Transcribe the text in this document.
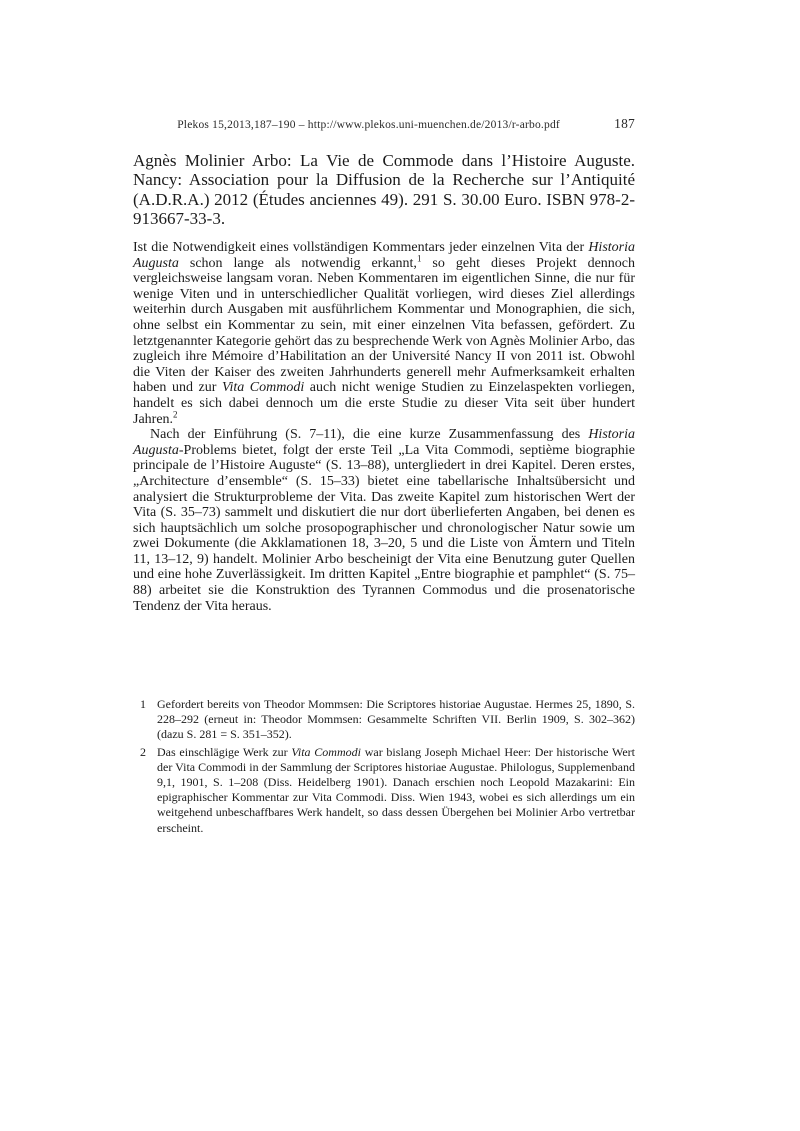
Plekos 15,2013,187–190 – http://www.plekos.uni-muenchen.de/2013/r-arbo.pdf	187
Agnès Molinier Arbo: La Vie de Commode dans l’Histoire Auguste. Nancy: Association pour la Diffusion de la Recherche sur l’Antiquité (A.D.R.A.) 2012 (Études anciennes 49). 291 S. 30.00 Euro. ISBN 978-2-913667-33-3.

Ist die Notwendigkeit eines vollständigen Kommentars jeder einzelnen Vita der Historia Augusta schon lange als notwendig erkannt,$^1$ so geht dieses Projekt dennoch vergleichsweise langsam voran. Neben Kommentaren im eigentlichen Sinne, die nur für wenige Viten und in unterschiedlicher Qualität vorliegen, wird dieses Ziel allerdings weiterhin durch Ausgaben mit ausführlichem Kommentar und Monographien, die sich, ohne selbst ein Kommentar zu sein, mit einer einzelnen Vita befassen, gefördert. Zu letztgenannter Kategorie gehört das zu besprechende Werk von Agnès Molinier Arbo, das zugleich ihre Mémoire d’Habilitation an der Université Nancy II von 2011 ist. Obwohl die Viten der Kaiser des zweiten Jahrhunderts generell mehr Aufmerksamkeit erhalten haben und zur Vita Commodi auch nicht wenige Studien zu Einzelaspekten vorliegen, handelt es sich dabei dennoch um die erste Studie zu dieser Vita seit über hundert Jahren.$^2$

Nach der Einführung (S. 7–11), die eine kurze Zusammenfassung des Historia Augusta-Problems bietet, folgt der erste Teil „La Vita Commodi, septième biographie principale de l’Histoire Auguste“ (S. 13–88), untergliedert in drei Kapitel. Deren erstes, „Architecture d’ensemble“ (S. 15–33) bietet eine tabellarische Inhaltsübersicht und analysiert die Strukturprobleme der Vita. Das zweite Kapitel zum historischen Wert der Vita (S. 35–73) sammelt und diskutiert die nur dort überlieferten Angaben, bei denen es sich hauptsächlich um solche prosopographischer und chronologischer Natur sowie um zwei Dokumente (die Akklamationen 18, 3–20, 5 und die Liste von Ämtern und Titeln 11, 13–12, 9) handelt. Molinier Arbo bescheinigt der Vita eine Benutzung guter Quellen und eine hohe Zuverlässigkeit. Im dritten Kapitel „Entre biographie et pamphlet“ (S. 75–88) arbeitet sie die Konstruktion des Tyrannen Commodus und die prosenatorische Tendenz der Vita heraus.

1 Gefordert bereits von Theodor Mommsen: Die Scriptores historiae Augustae. Hermes 25, 1890, S. 228–292 (erneut in: Theodor Mommsen: Gesammelte Schriften VII. Berlin 1909, S. 302–362) (dazu S. 281 = S. 351–352).
2 Das einschlägige Werk zur Vita Commodi war bislang Joseph Michael Heer: Der historische Wert der Vita Commodi in der Sammlung der Scriptores historiae Augustae. Philologus, Supplemenband 9,1, 1901, S. 1–208 (Diss. Heidelberg 1901). Danach erschien noch Leopold Mazakarini: Ein epigraphischer Kommentar zur Vita Commodi. Diss. Wien 1943, wobei es sich allerdings um ein weitgehend unbeschaffbares Werk handelt, so dass dessen Übergehen bei Molinier Arbo vertretbar erscheint.
